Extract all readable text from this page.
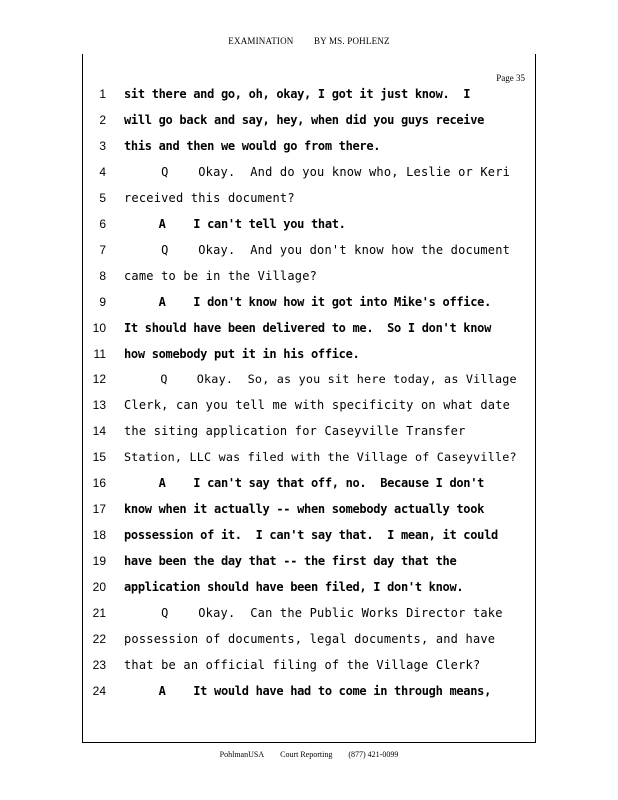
EXAMINATION BY MS. POHLENZ
Page 35
1 sit there and go, oh, okay, I got it just know.  I
2 will go back and say, hey, when did you guys receive
3 this and then we would go from there.
4 Q    Okay.  And do you know who, Leslie or Keri
5 received this document?
6 A    I can't tell you that.
7 Q    Okay.  And you don't know how the document
8 came to be in the Village?
9 A    I don't know how it got into Mike's office.
10 It should have been delivered to me.  So I don't know
11 how somebody put it in his office.
12 Q    Okay.  So, as you sit here today, as Village
13 Clerk, can you tell me with specificity on what date
14 the siting application for Caseyville Transfer
15 Station, LLC was filed with the Village of Caseyville?
16 A    I can't say that off, no.  Because I don't
17 know when it actually -- when somebody actually took
18 possession of it.  I can't say that.  I mean, it could
19 have been the day that -- the first day that the
20 application should have been filed, I don't know.
21 Q    Okay.  Can the Public Works Director take
22 possession of documents, legal documents, and have
23 that be an official filing of the Village Clerk?
24 A    It would have had to come in through means,
PohlmanUSA Court Reporting (877) 421-0099
